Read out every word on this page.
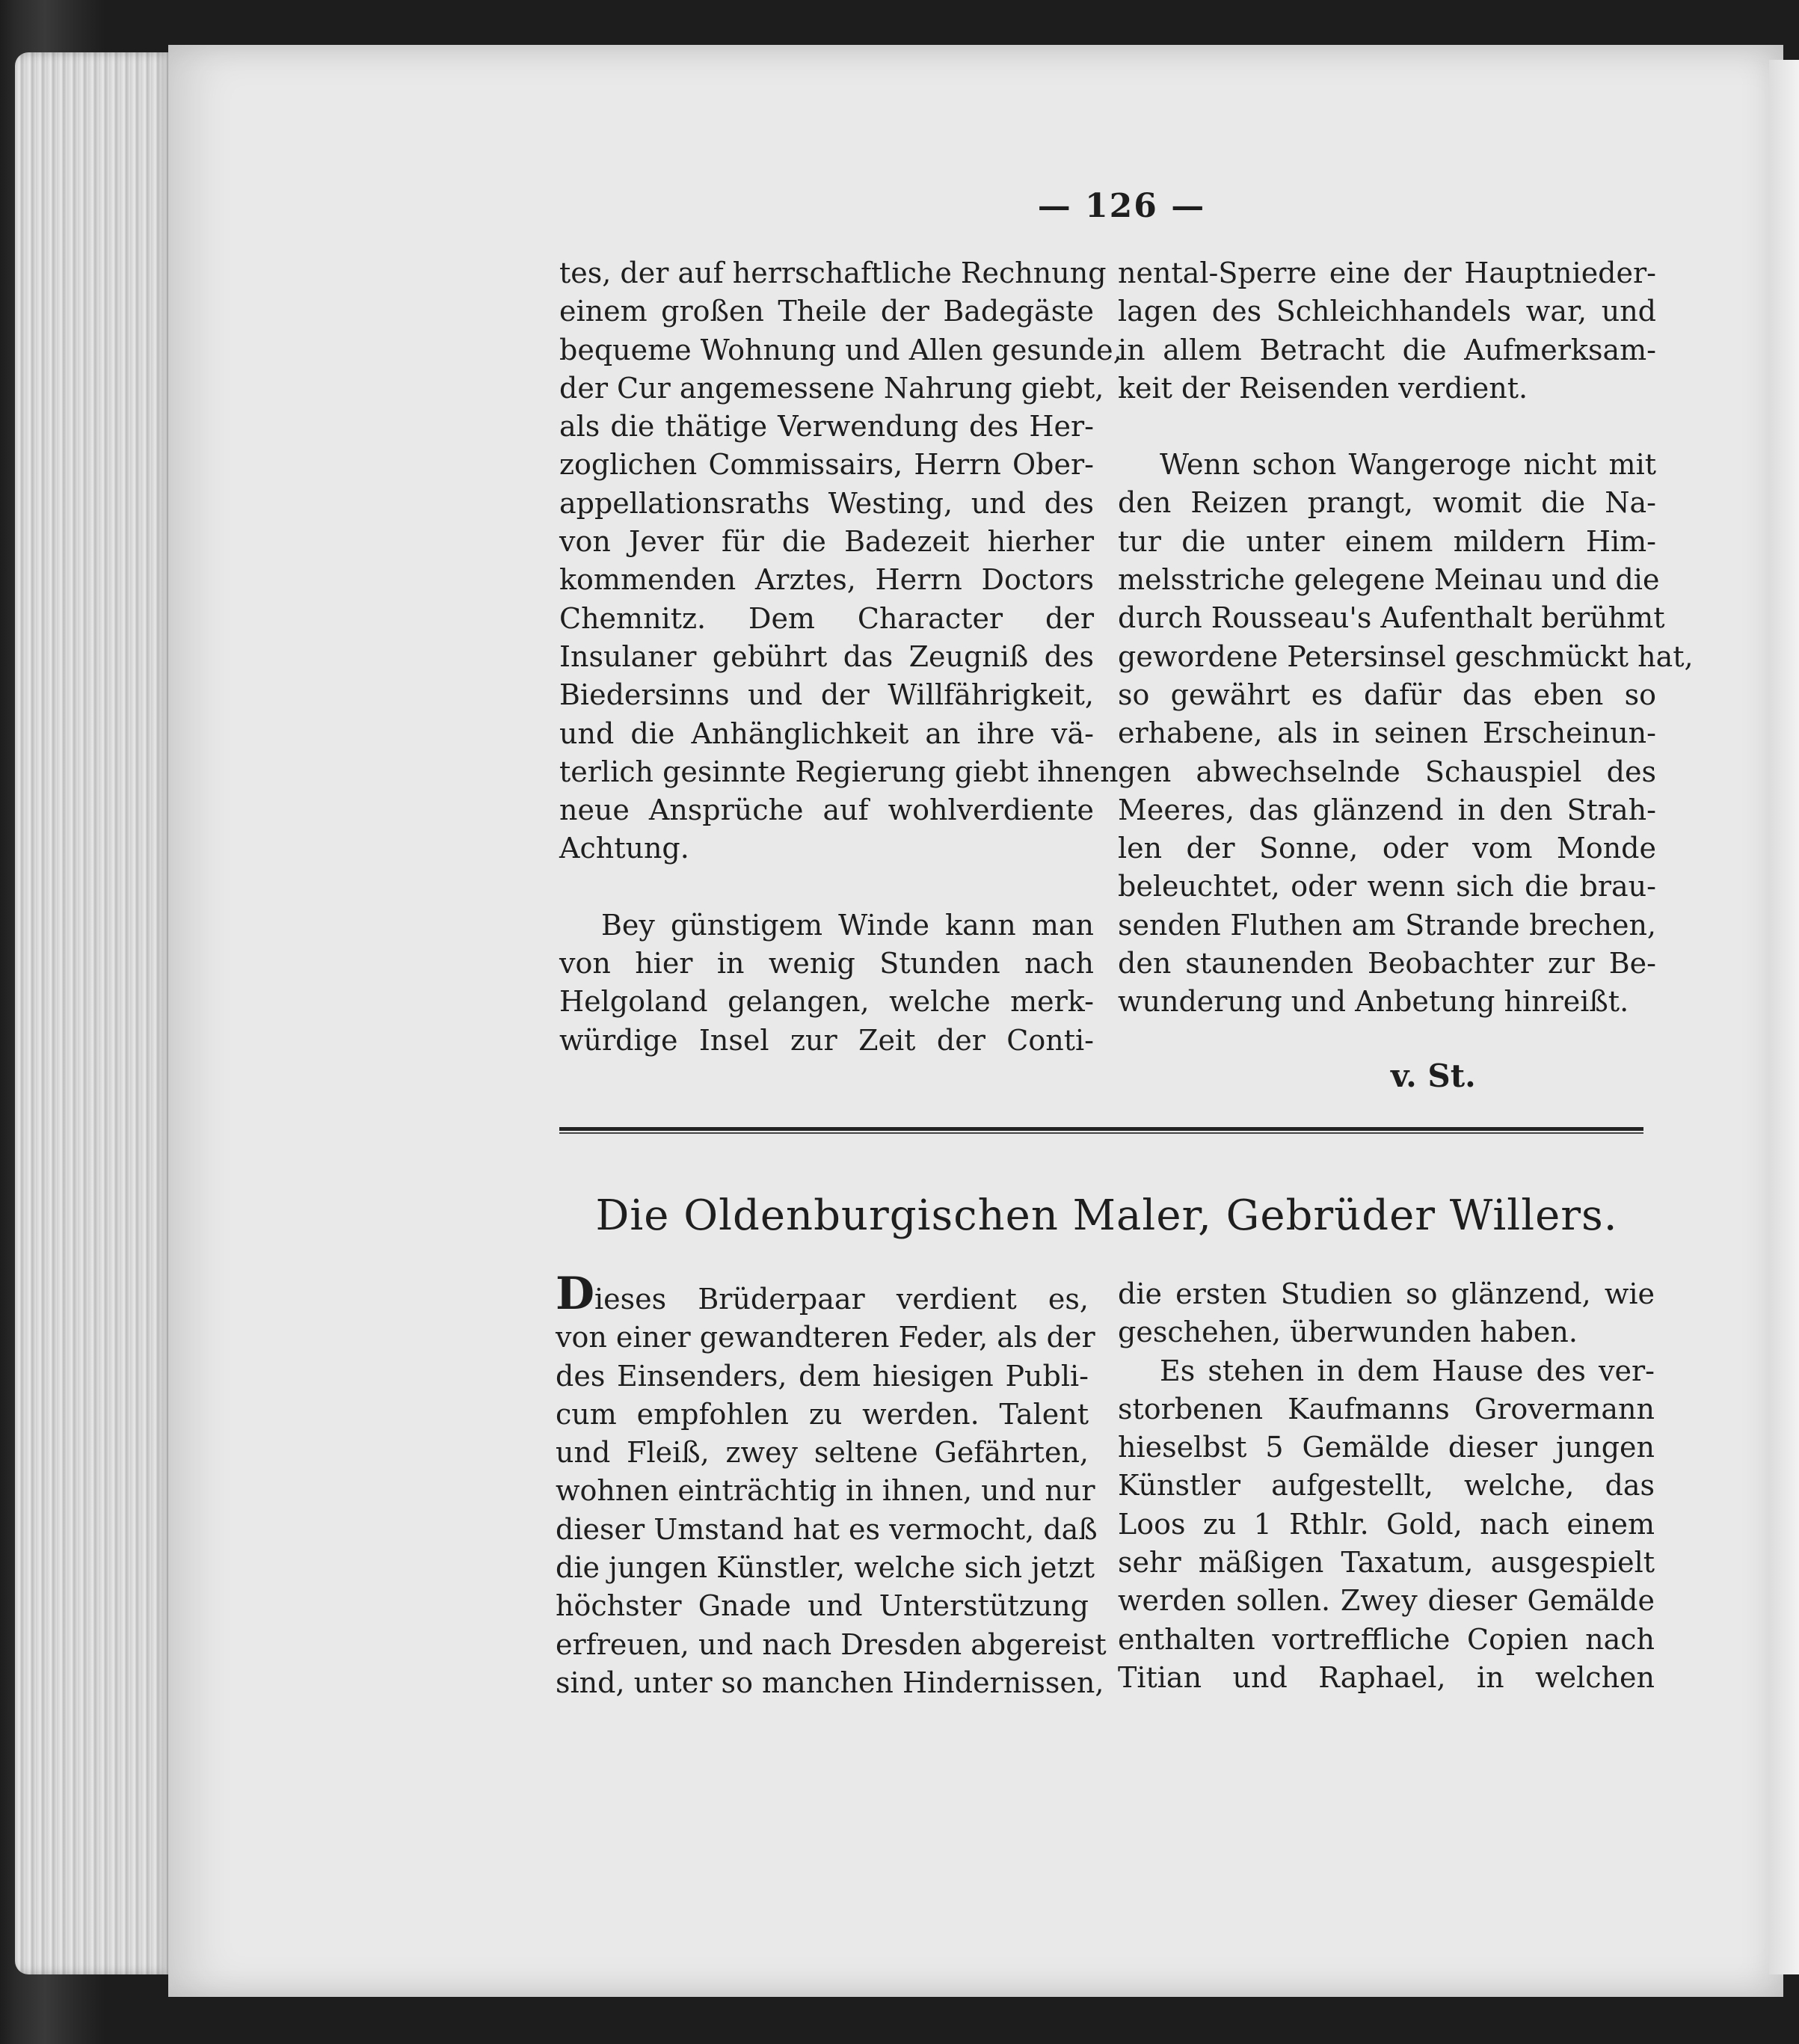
— 126 —

tes, der auf herrschaftliche Rechnung

einem großen Theile der Badegäste

bequeme Wohnung und Allen gesunde,

der Cur angemessene Nahrung giebt,

als die thätige Verwendung des Her-

zoglichen Commissairs, Herrn Ober-

appellationsraths Westing, und des

von Jever für die Badezeit hierher

kommenden Arztes, Herrn Doctors

Chemnitz. Dem Character der

Insulaner gebührt das Zeugniß des

Biedersinns und der Willfährigkeit,

und die Anhänglichkeit an ihre vä-

terlich gesinnte Regierung giebt ihnen

neue Ansprüche auf wohlverdiente

Achtung.

Bey günstigem Winde kann man

von hier in wenig Stunden nach

Helgoland gelangen, welche merk-

würdige Insel zur Zeit der Conti-

nental-Sperre eine der Hauptnieder-

lagen des Schleichhandels war, und

in allem Betracht die Aufmerksam-

keit der Reisenden verdient.

Wenn schon Wangeroge nicht mit

den Reizen prangt, womit die Na-

tur die unter einem mildern Him-

melsstriche gelegene Meinau und die

durch Rousseau's Aufenthalt berühmt

gewordene Petersinsel geschmückt hat,

so gewährt es dafür das eben so

erhabene, als in seinen Erscheinun-

gen abwechselnde Schauspiel des

Meeres, das glänzend in den Strah-

len der Sonne, oder vom Monde

beleuchtet, oder wenn sich die brau-

senden Fluthen am Strande brechen,

den staunenden Beobachter zur Be-

wunderung und Anbetung hinreißt.

v. St.
Die Oldenburgischen Maler, Gebrüder Willers.

Dieses Brüderpaar verdient es,

von einer gewandteren Feder, als der

des Einsenders, dem hiesigen Publi-

cum empfohlen zu werden. Talent

und Fleiß, zwey seltene Gefährten,

wohnen einträchtig in ihnen, und nur

dieser Umstand hat es vermocht, daß

die jungen Künstler, welche sich jetzt

höchster Gnade und Unterstützung

erfreuen, und nach Dresden abgereist

sind, unter so manchen Hindernissen,

die ersten Studien so glänzend, wie

geschehen, überwunden haben.

Es stehen in dem Hause des ver-

storbenen Kaufmanns Grovermann

hieselbst 5 Gemälde dieser jungen

Künstler aufgestellt, welche, das

Loos zu 1 Rthlr. Gold, nach einem

sehr mäßigen Taxatum, ausgespielt

werden sollen. Zwey dieser Gemälde

enthalten vortreffliche Copien nach

Titian und Raphael, in welchen
